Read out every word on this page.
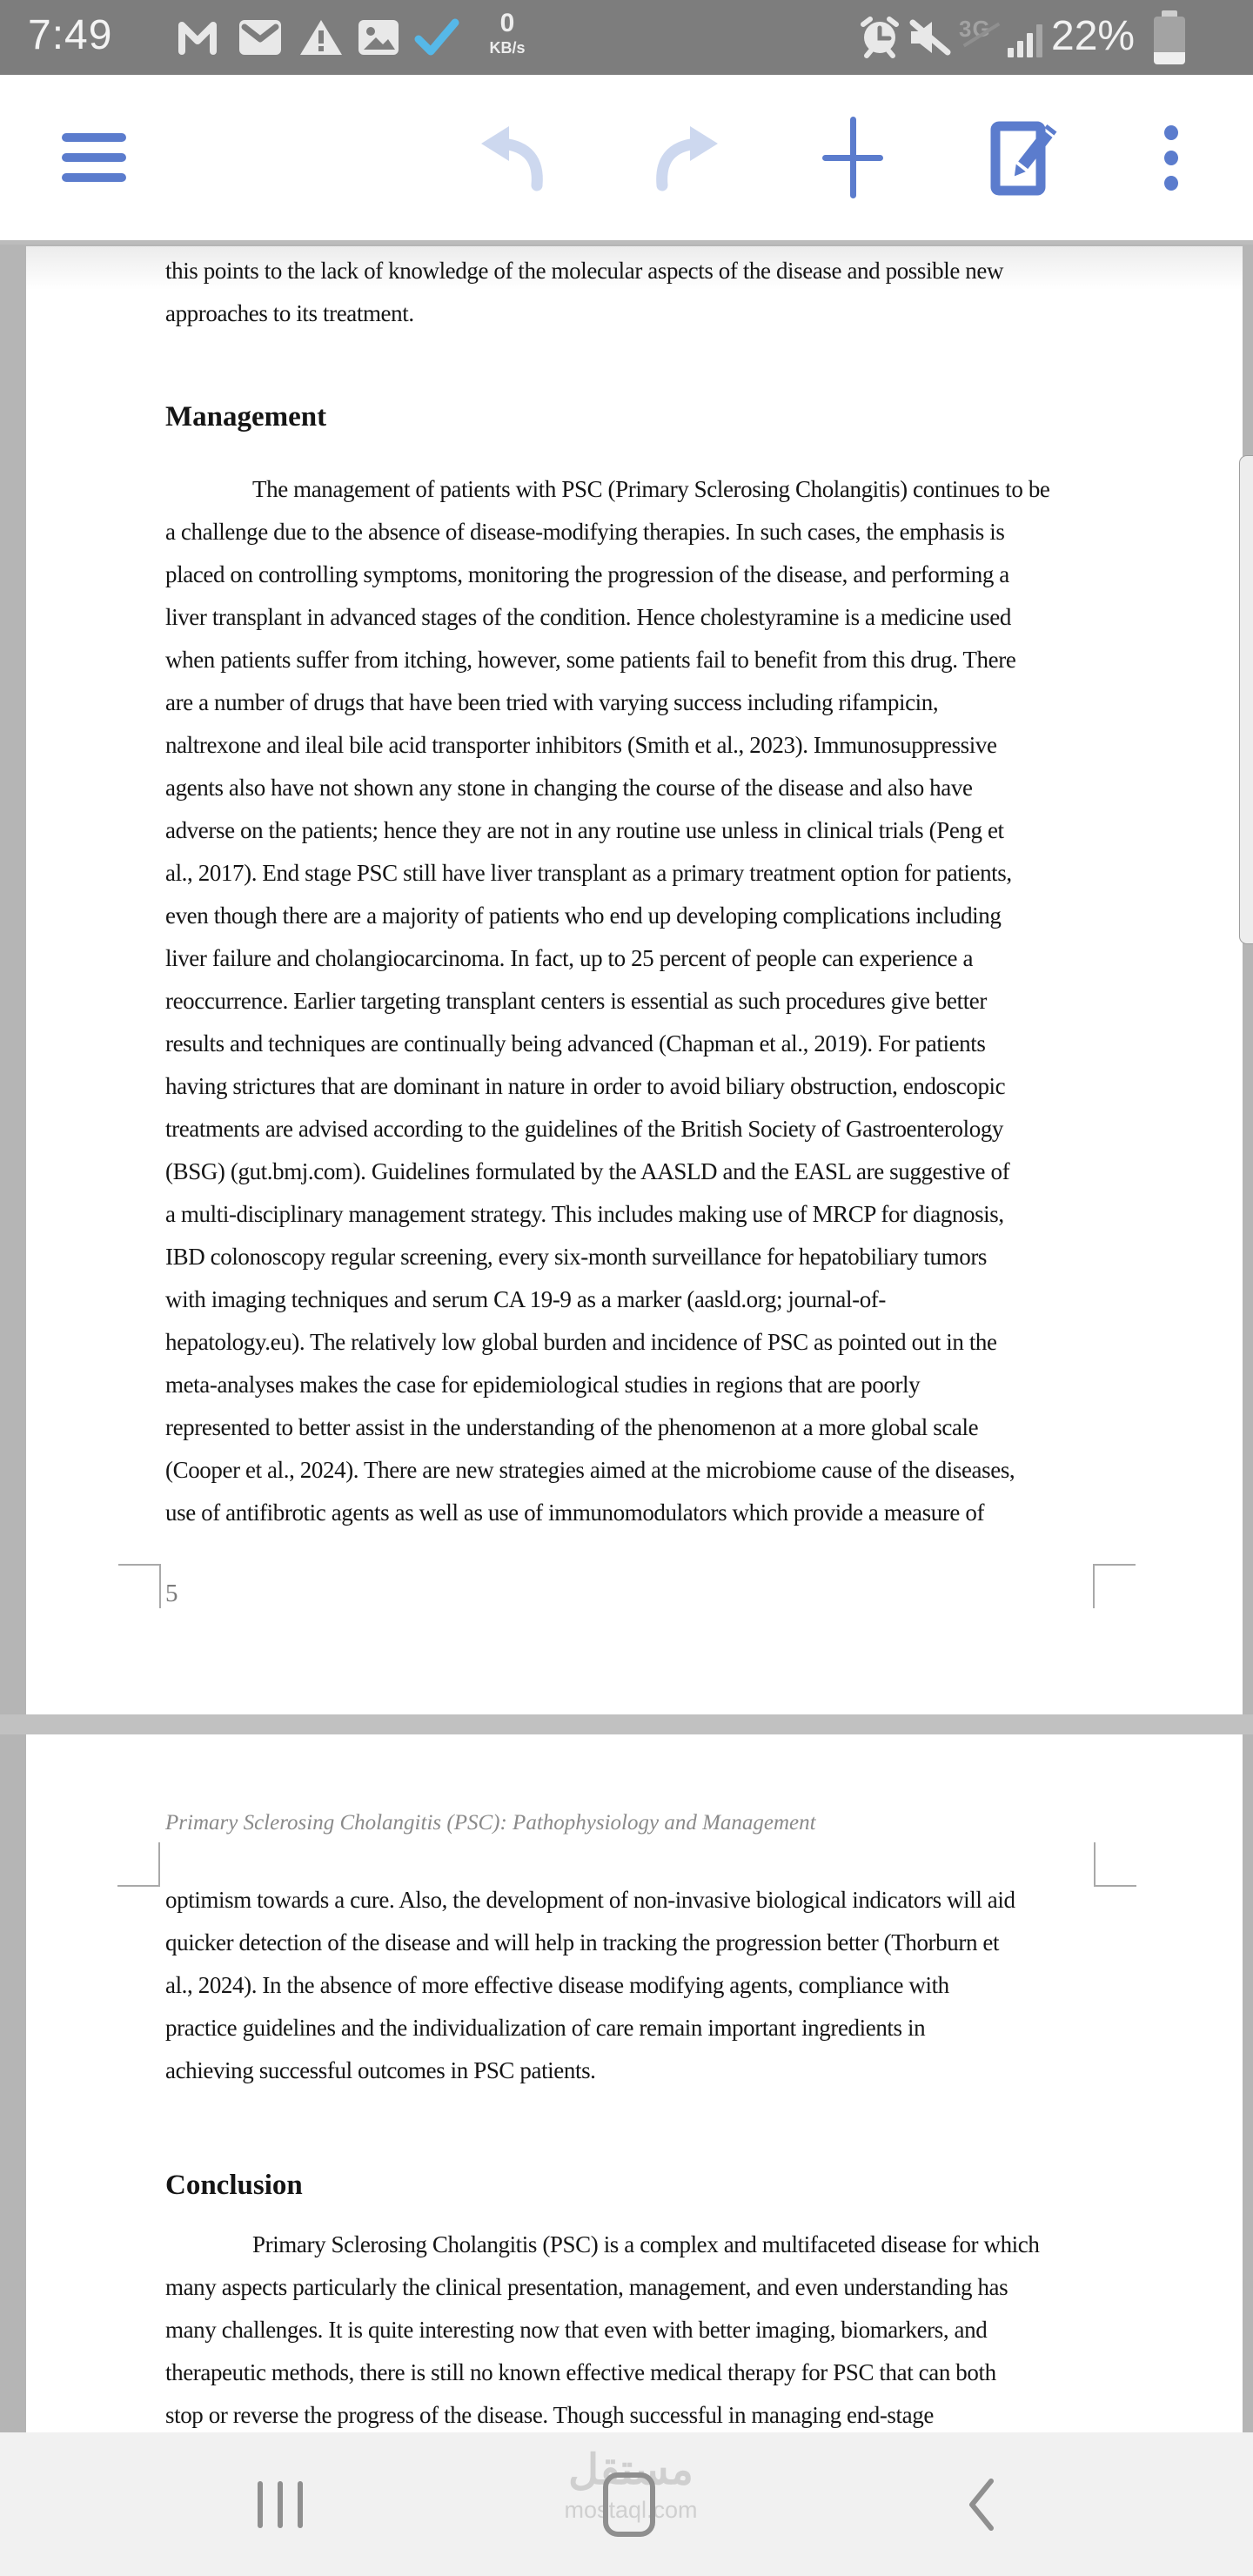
7:49	0
KB/s
3G 22%
this points to the lack of knowledge of the molecular aspects of the disease and possible new
approaches to its treatment.
Management
The management of patients with PSC (Primary Sclerosing Cholangitis) continues to be
a challenge due to the absence of disease-modifying therapies. In such cases, the emphasis is
placed on controlling symptoms, monitoring the progression of the disease, and performing a
liver transplant in advanced stages of the condition. Hence cholestyramine is a medicine used
when patients suffer from itching, however, some patients fail to benefit from this drug. There
are a number of drugs that have been tried with varying success including rifampicin,
naltrexone and ileal bile acid transporter inhibitors (Smith et al., 2023). Immunosuppressive
agents also have not shown any stone in changing the course of the disease and also have
adverse on the patients; hence they are not in any routine use unless in clinical trials (Peng et
al., 2017). End stage PSC still have liver transplant as a primary treatment option for patients,
even though there are a majority of patients who end up developing complications including
liver failure and cholangiocarcinoma. In fact, up to 25 percent of people can experience a
reoccurrence. Earlier targeting transplant centers is essential as such procedures give better
results and techniques are continually being advanced (Chapman et al., 2019). For patients
having strictures that are dominant in nature in order to avoid biliary obstruction, endoscopic
treatments are advised according to the guidelines of the British Society of Gastroenterology
(BSG) (gut.bmj.com). Guidelines formulated by the AASLD and the EASL are suggestive of
a multi-disciplinary management strategy. This includes making use of MRCP for diagnosis,
IBD colonoscopy regular screening, every six-month surveillance for hepatobiliary tumors
with imaging techniques and serum CA 19-9 as a marker (aasld.org; journal-of-
hepatology.eu). The relatively low global burden and incidence of PSC as pointed out in the
meta-analyses makes the case for epidemiological studies in regions that are poorly
represented to better assist in the understanding of the phenomenon at a more global scale
(Cooper et al., 2024). There are new strategies aimed at the microbiome cause of the diseases,
use of antifibrotic agents as well as use of immunomodulators which provide a measure of
5
Primary Sclerosing Cholangitis (PSC): Pathophysiology and Management
optimism towards a cure. Also, the development of non-invasive biological indicators will aid
quicker detection of the disease and will help in tracking the progression better (Thorburn et
al., 2024). In the absence of more effective disease modifying agents, compliance with
practice guidelines and the individualization of care remain important ingredients in
achieving successful outcomes in PSC patients.
Conclusion
Primary Sclerosing Cholangitis (PSC) is a complex and multifaceted disease for which
many aspects particularly the clinical presentation, management, and even understanding has
many challenges. It is quite interesting now that even with better imaging, biomarkers, and
therapeutic methods, there is still no known effective medical therapy for PSC that can both
stop or reverse the progress of the disease. Though successful in managing end-stage
مستقل
mostaql.com
